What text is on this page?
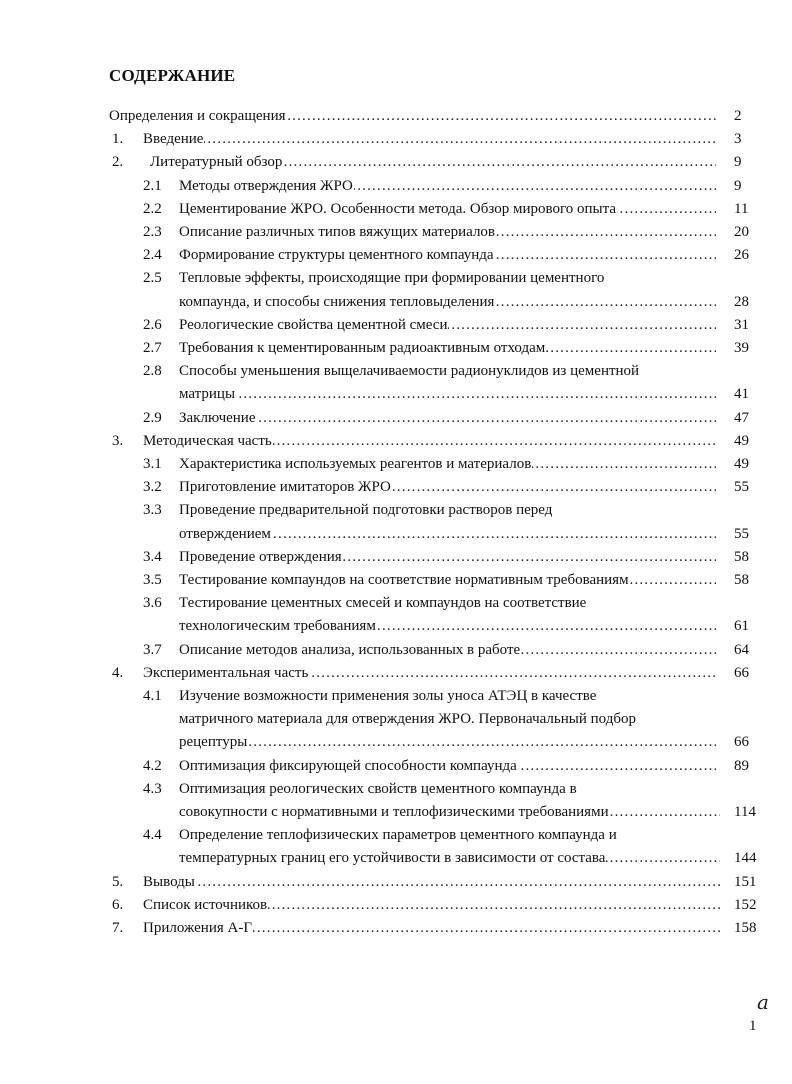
СОДЕРЖАНИЕ
Определения и сокращения .....	2
1. Введение .....	3
2. Литературный обзор .....	9
2.1 Методы отверждения ЖРО .....	9
2.2 Цементирование ЖРО. Особенности метода. Обзор мирового опыта .....	11
2.3 Описание различных типов вяжущих материалов .....	20
2.4 Формирование структуры цементного компаунда .....	26
2.5 Тепловые эффекты, происходящие при формировании цементного
компаунда, и способы снижения тепловыделения .....	28
2.6 Реологические свойства цементной смеси .....	31
2.7 Требования к цементированным радиоактивным отходам .....	39
2.8 Способы уменьшения выщелачиваемости радионуклидов из цементной
матрицы .....	41
2.9 Заключение .....	47
3. Методическая часть .....	49
3.1 Характеристика используемых реагентов и материалов .....	49
3.2 Приготовление имитаторов ЖРО .....	55
3.3 Проведение предварительной подготовки растворов перед
отверждением .....	55
3.4 Проведение отверждения .....	58
3.5 Тестирование компаундов на соответствие нормативным требованиям .....	58
3.6 Тестирование цементных смесей и компаундов на соответствие
технологическим требованиям .....	61
3.7 Описание методов анализа, использованных в работе .....	64
4. Экспериментальная часть .....	66
4.1 Изучение возможности применения золы уноса АТЭЦ в качестве
матричного материала для отверждения ЖРО. Первоначальный подбор
рецептуры .....	66
4.2 Оптимизация фиксирующей способности компаунда .....	89
4.3 Оптимизация реологических свойств цементного компаунда в
совокупности с нормативными и теплофизическими требованиями .....	114
4.4 Определение теплофизических параметров цементного компаунда и
температурных границ его устойчивости в зависимости от состава .....	144
5. Выводы .....	151
6. Список источников .....	152
7. Приложения А-Г .....	158
a
1
